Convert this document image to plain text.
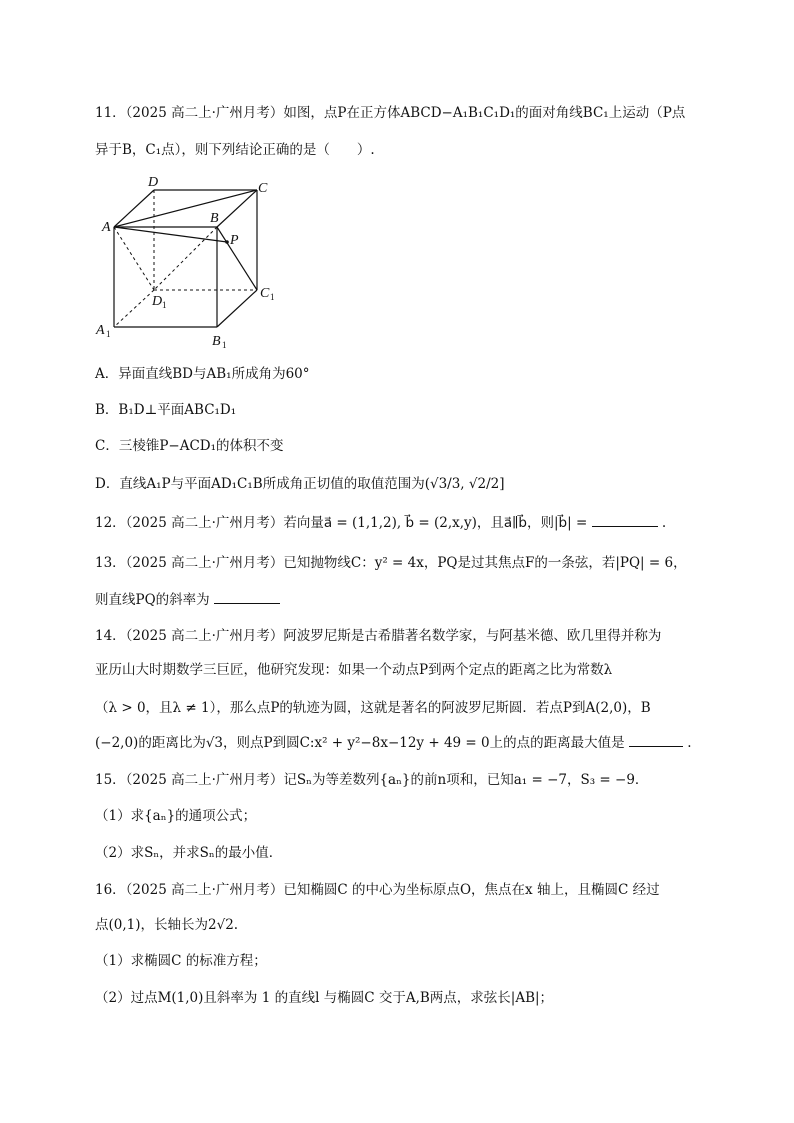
11．（2025 高二上·广州月考）如图，点P在正方体ABCD−A₁B₁C₁D₁的面对角线BC₁上运动（P点
异于B，C₁点），则下列结论正确的是（　　）.
D	C
A
B
P
D 1
C 1
A 1	B 1
A．异面直线BD与AB₁所成角为60°
B．B₁D⊥平面ABC₁D₁
C．三棱锥P−ACD₁的体积不变
D．直线A₁P与平面AD₁C₁B所成角正切值的取值范围为(√3/3, √2/2]
12．（2025 高二上·广州月考）若向量a⃗ = (1,1,2), b⃗ = (2,x,y)，且a⃗∥b⃗，则|b⃗| =	.
13．（2025 高二上·广州月考）已知抛物线C：y² = 4x，PQ是过其焦点F的一条弦，若|PQ| = 6，
则直线PQ的斜率为
14．（2025 高二上·广州月考）阿波罗尼斯是古希腊著名数学家，与阿基米德、欧几里得并称为
亚历山大时期数学三巨匠，他研究发现：如果一个动点P到两个定点的距离之比为常数λ
（λ > 0，且λ ≠ 1），那么点P的轨迹为圆，这就是著名的阿波罗尼斯圆．若点P到A(2,0)，B
(−2,0)的距离比为√3，则点P到圆C:x² + y²−8x−12y + 49 = 0上的点的距离最大值是	.
15．（2025 高二上·广州月考）记Sₙ为等差数列{aₙ}的前n项和，已知a₁ = −7，S₃ = −9．
（1）求{aₙ}的通项公式；
（2）求Sₙ，并求Sₙ的最小值．
16．（2025 高二上·广州月考）已知椭圆C 的中心为坐标原点O，焦点在x 轴上，且椭圆C 经过
点(0,1)，长轴长为2√2.
（1）求椭圆C 的标准方程；
（2）过点M(1,0)且斜率为 1 的直线l 与椭圆C 交于A,B两点，求弦长|AB|；
